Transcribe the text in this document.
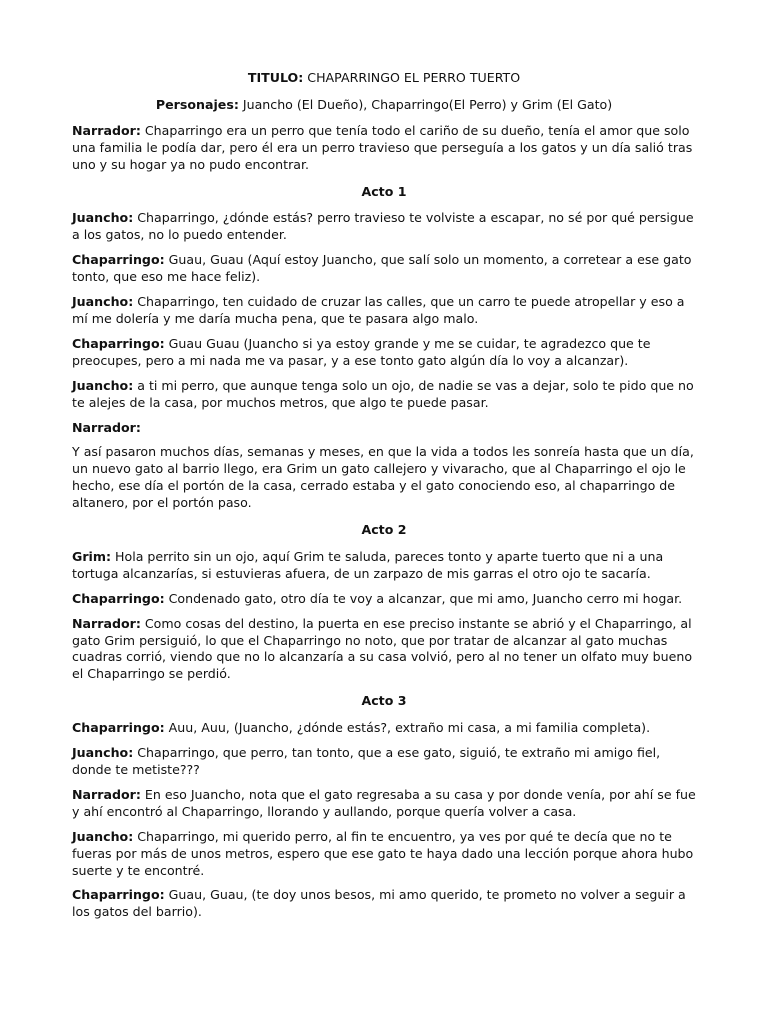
TITULO: CHAPARRINGO EL PERRO TUERTO
Personajes: Juancho (El Dueño), Chaparringo(El Perro) y Grim (El Gato)
Narrador: Chaparringo era un perro que tenía todo el cariño de su dueño, tenía el amor que solo una familia le podía dar, pero él era un perro travieso que perseguía a los gatos y un día salió tras uno y su hogar ya no pudo encontrar.
Acto 1
Juancho: Chaparringo, ¿dónde estás? perro travieso te volviste a escapar, no sé por qué persigue a los gatos, no lo puedo entender.
Chaparringo: Guau, Guau (Aquí estoy Juancho, que salí solo un momento, a corretear a ese gato tonto, que eso me hace feliz).
Juancho: Chaparringo, ten cuidado de cruzar las calles, que un carro te puede atropellar y eso a mí me dolería y me daría mucha pena, que te pasara algo malo.
Chaparringo: Guau Guau (Juancho si ya estoy grande y me se cuidar, te agradezco que te preocupes, pero a mi nada me va pasar, y a ese tonto gato algún día lo voy a alcanzar).
Juancho: a ti mi perro, que aunque tenga solo un ojo, de nadie se vas a dejar, solo te pido que no te alejes de la casa, por muchos metros, que algo te puede pasar.
Narrador:
Y así pasaron muchos días, semanas y meses, en que la vida a todos les sonreía hasta que un día, un nuevo gato al barrio llego, era Grim un gato callejero y vivaracho, que al Chaparringo el ojo le hecho, ese día el portón de la casa, cerrado estaba y el gato conociendo eso, al chaparringo de altanero, por el portón paso.
Acto 2
Grim: Hola perrito sin un ojo, aquí Grim te saluda, pareces tonto y aparte tuerto que ni a una tortuga alcanzarías, si estuvieras afuera, de un zarpazo de mis garras el otro ojo te sacaría.
Chaparringo: Condenado gato, otro día te voy a alcanzar, que mi amo, Juancho cerro mi hogar.
Narrador: Como cosas del destino, la puerta en ese preciso instante se abrió y el Chaparringo, al gato Grim persiguió, lo que el Chaparringo no noto, que por tratar de alcanzar al gato muchas cuadras corrió, viendo que no lo alcanzaría a su casa volvió, pero al no tener un olfato muy bueno el Chaparringo se perdió.
Acto 3
Chaparringo: Auu, Auu, (Juancho, ¿dónde estás?, extraño mi casa, a mi familia completa).
Juancho: Chaparringo, que perro, tan tonto, que a ese gato, siguió, te extraño mi amigo fiel, donde te metiste???
Narrador: En eso Juancho, nota que el gato regresaba a su casa y por donde venía, por ahí se fue y ahí encontró al Chaparringo, llorando y aullando, porque quería volver a casa.
Juancho: Chaparringo, mi querido perro, al fin te encuentro, ya ves por qué te decía que no te fueras por más de unos metros, espero que ese gato te haya dado una lección porque ahora hubo suerte y te encontré.
Chaparringo: Guau, Guau, (te doy unos besos, mi amo querido, te prometo no volver a seguir a los gatos del barrio).
